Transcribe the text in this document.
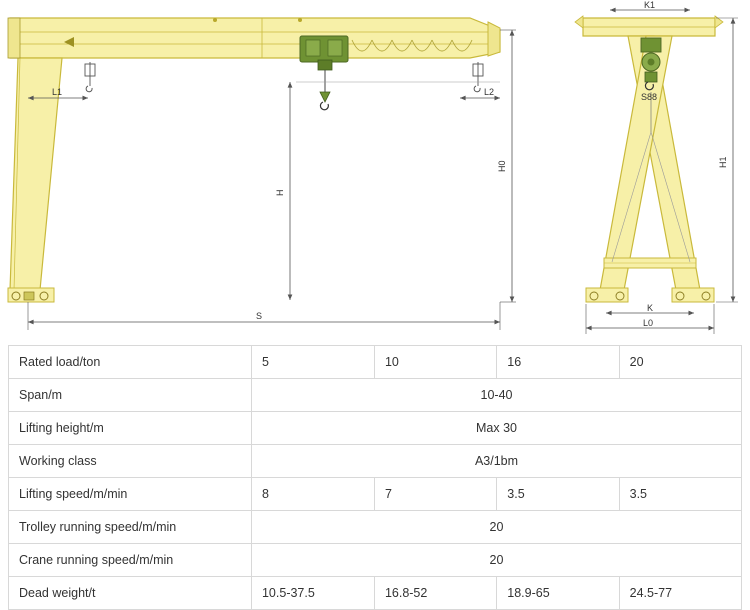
L1	L2
H
H0
S
K1
S88
H1
K
L0
Rated load/ton	5	10	16	20
Span/m	10-40			
Lifting height/m	Max 30			
Working class	A3/1bm			
Lifting speed/m/min	8	7	3.5	3.5
Trolley running speed/m/min	20			
Crane running speed/m/min	20			
Dead weight/t	10.5-37.5	16.8-52	18.9-65	24.5-77
